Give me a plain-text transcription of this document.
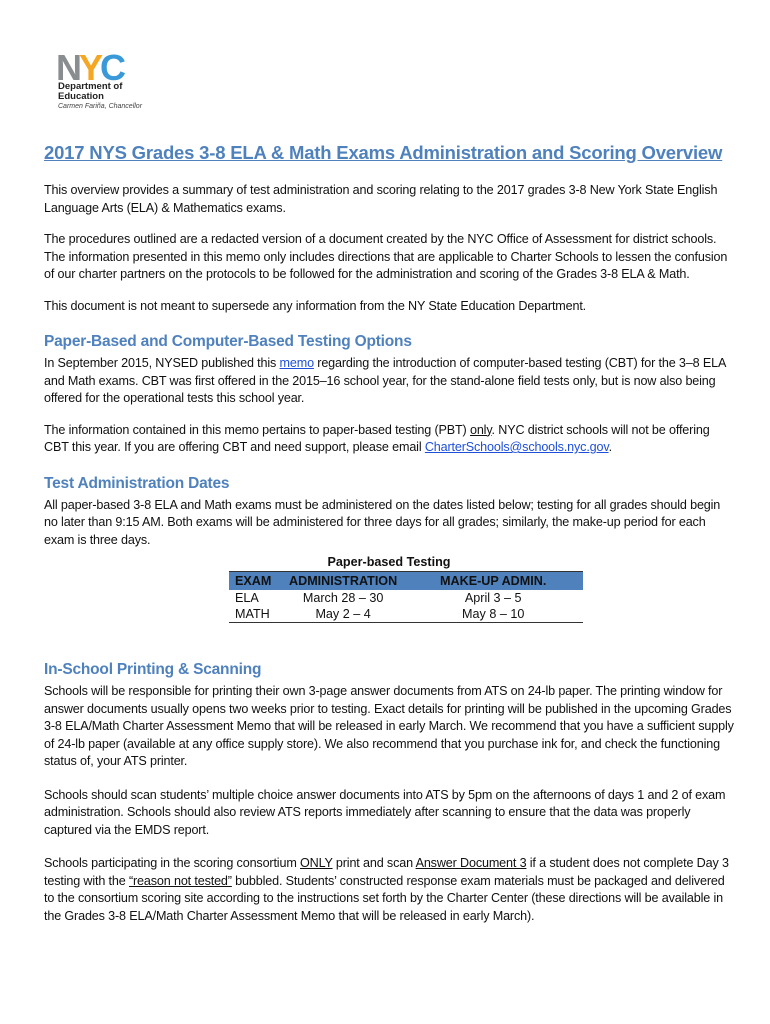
NYC
Department of
Education
Carmen Fariña, Chancellor
2017 NYS Grades 3-8 ELA & Math Exams Administration and Scoring Overview

This overview provides a summary of test administration and scoring relating to the 2017 grades 3-8 New York State English Language Arts (ELA) & Mathematics exams.

The procedures outlined are a redacted version of a document created by the NYC Office of Assessment for district schools. The information presented in this memo only includes directions that are applicable to Charter Schools to lessen the confusion of our charter partners on the protocols to be followed for the administration and scoring of the Grades 3-8 ELA & Math.

This document is not meant to supersede any information from the NY State Education Department.

Paper-Based and Computer-Based Testing Options

In September 2015, NYSED published this memo regarding the introduction of computer-based testing (CBT) for the 3–8 ELA and Math exams. CBT was first offered in the 2015–16 school year, for the stand-alone field tests only, but is now also being offered for the operational tests this school year.

The information contained in this memo pertains to paper-based testing (PBT) only. NYC district schools will not be offering CBT this year. If you are offering CBT and need support, please email CharterSchools@schools.nyc.gov.

Test Administration Dates

All paper-based 3-8 ELA and Math exams must be administered on the dates listed below; testing for all grades should begin no later than 9:15 AM. Both exams will be administered for three days for all grades; similarly, the make-up period for each exam is three days.

Paper-based Testing
EXAM	ADMINISTRATION	MAKE-UP ADMIN.
ELA	March 28 – 30	April 3 – 5
MATH	May 2 – 4	May 8 – 10
In-School Printing & Scanning

Schools will be responsible for printing their own 3-page answer documents from ATS on 24-lb paper. The printing window for answer documents usually opens two weeks prior to testing. Exact details for printing will be published in the upcoming Grades 3-8 ELA/Math Charter Assessment Memo that will be released in early March. We recommend that you have a sufficient supply of 24-lb paper (available at any office supply store). We also recommend that you purchase ink for, and check the functioning status of, your ATS printer.

Schools should scan students’ multiple choice answer documents into ATS by 5pm on the afternoons of days 1 and 2 of exam administration. Schools should also review ATS reports immediately after scanning to ensure that the data was properly captured via the EMDS report.

Schools participating in the scoring consortium ONLY print and scan Answer Document 3 if a student does not complete Day 3 testing with the “reason not tested” bubbled. Students’ constructed response exam materials must be packaged and delivered to the consortium scoring site according to the instructions set forth by the Charter Center (these directions will be available in the Grades 3-8 ELA/Math Charter Assessment Memo that will be released in early March).
